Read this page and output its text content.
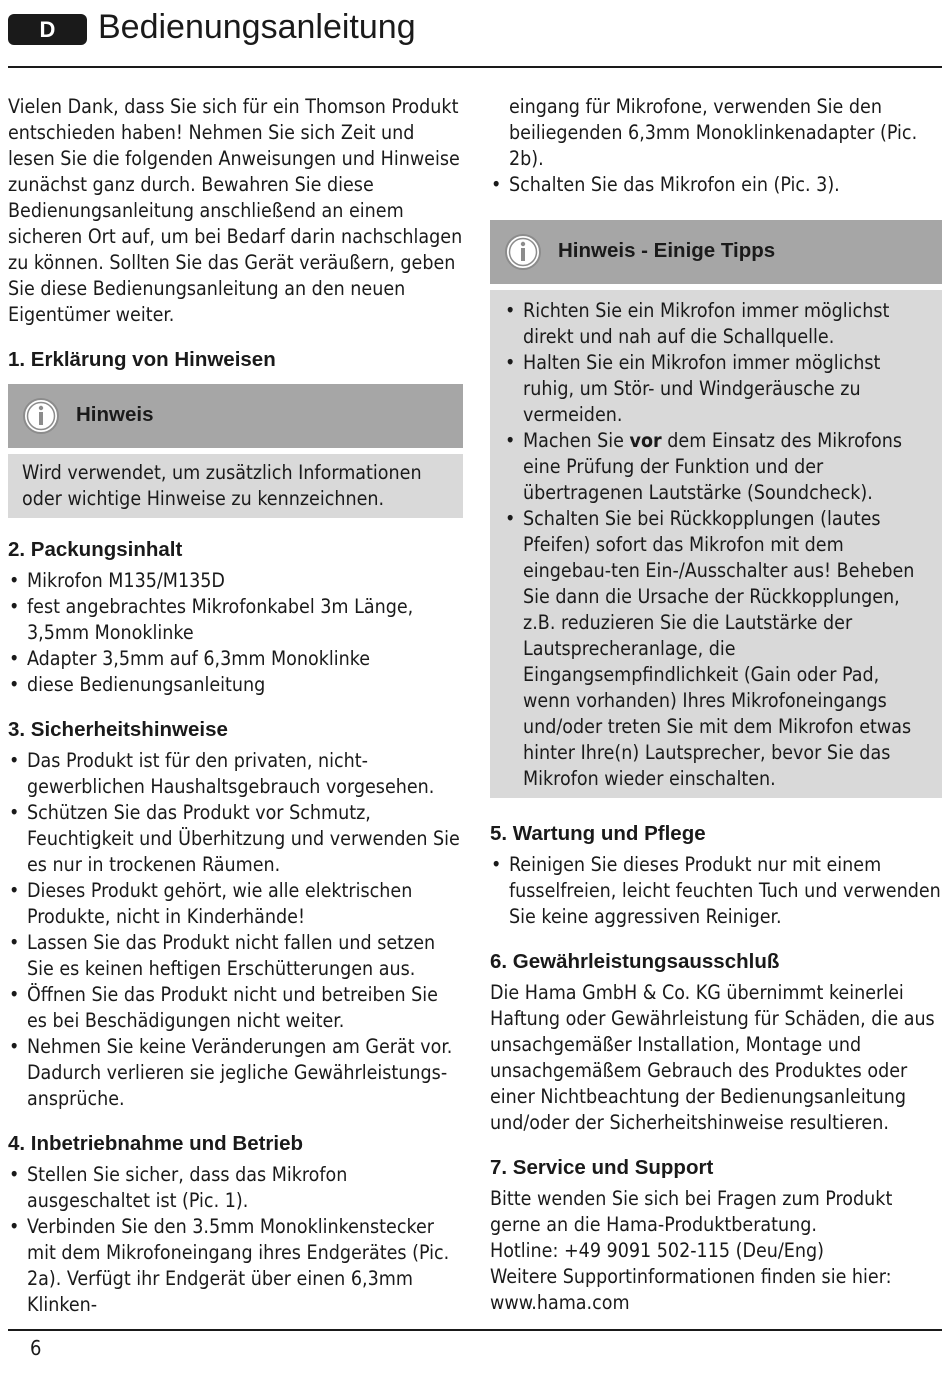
D	Bedienungsanleitung

Vielen Dank, dass Sie sich für ein Thomson Produkt entschieden haben! Nehmen Sie sich Zeit und lesen Sie die folgenden Anweisungen und Hinweise zunächst ganz durch. Bewahren Sie diese Bedienungsanleitung anschließend an einem sicheren Ort auf, um bei Bedarf darin nachschlagen zu können. Sollten Sie das Gerät veräußern, geben Sie diese Bedienungsanleitung an den neuen Eigentümer weiter.

1. Erklärung von Hinweisen
Hinweis

Wird verwendet, um zusätzlich Informationen oder wichtige Hinweise zu kennzeichnen.

2. Packungsinhalt
• Mikrofon M135/M135D
• fest angebrachtes Mikrofonkabel 3m Länge, 3,5mm Monoklinke
• Adapter 3,5mm auf 6,3mm Monoklinke
• diese Bedienungsanleitung
3. Sicherheitshinweise
• Das Produkt ist für den privaten, nicht-gewerblichen Haushaltsgebrauch vorgesehen.
• Schützen Sie das Produkt vor Schmutz, Feuchtigkeit und Überhitzung und verwenden Sie es nur in trockenen Räumen.
• Dieses Produkt gehört, wie alle elektrischen Produkte, nicht in Kinderhände!
• Lassen Sie das Produkt nicht fallen und setzen Sie es keinen heftigen Erschütterungen aus.
• Öffnen Sie das Produkt nicht und betreiben Sie es bei Beschädigungen nicht weiter.
• Nehmen Sie keine Veränderungen am Gerät vor. Dadurch verlieren sie jegliche Gewährleistungs-ansprüche.
4. Inbetriebnahme und Betrieb
• Stellen Sie sicher, dass das Mikrofon ausgeschaltet ist (Pic. 1).
• Verbinden Sie den 3.5mm Monoklinkenstecker mit dem Mikrofoneingang ihres Endgerätes (Pic. 2a). Verfügt ihr Endgerät über einen 6,3mm Klinken-
eingang für Mikrofone, verwenden Sie den beiliegenden 6,3mm Monoklinkenadapter (Pic. 2b).
• Schalten Sie das Mikrofon ein (Pic. 3).
Hinweis - Einige Tipps
• Richten Sie ein Mikrofon immer möglichst direkt und nah auf die Schallquelle.
• Halten Sie ein Mikrofon immer möglichst ruhig, um Stör- und Windgeräusche zu vermeiden.
• Machen Sie vor dem Einsatz des Mikrofons eine Prüfung der Funktion und der übertragenen Lautstärke (Soundcheck).
• Schalten Sie bei Rückkopplungen (lautes Pfeifen) sofort das Mikrofon mit dem eingebau-ten Ein-/Ausschalter aus! Beheben Sie dann die Ursache der Rückkopplungen, z.B. reduzieren Sie die Lautstärke der Lautsprecheranlage, die Eingangsempfindlichkeit (Gain oder Pad, wenn vorhanden) Ihres Mikrofoneingangs und/oder treten Sie mit dem Mikrofon etwas hinter Ihre(n) Lautsprecher, bevor Sie das Mikrofon wieder einschalten.
5. Wartung und Pflege
• Reinigen Sie dieses Produkt nur mit einem fusselfreien, leicht feuchten Tuch und verwenden Sie keine aggressiven Reiniger.
6. Gewährleistungsausschluß

Die Hama GmbH & Co. KG übernimmt keinerlei Haftung oder Gewährleistung für Schäden, die aus unsachgemäßer Installation, Montage und unsachgemäßem Gebrauch des Produktes oder einer Nichtbeachtung der Bedienungsanleitung und/oder der Sicherheitshinweise resultieren.

7. Service und Support

Bitte wenden Sie sich bei Fragen zum Produkt gerne an die Hama-Produktberatung.

Hotline: +49 9091 502-115 (Deu/Eng)

Weitere Supportinformationen finden sie hier:

www.hama.com

6
